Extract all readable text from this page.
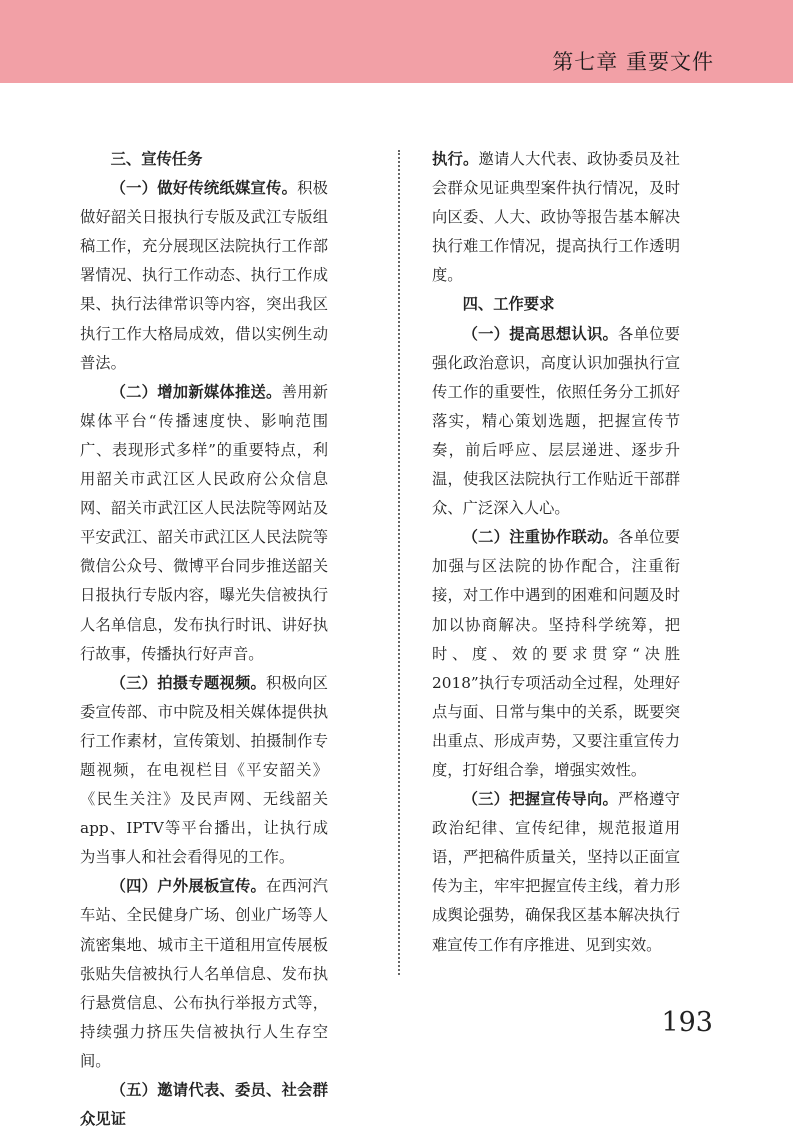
第七章 重要文件

三、宣传任务

（一）做好传统纸媒宣传。积极做好韶关日报执行专版及武江专版组稿工作，充分展现区法院执行工作部署情况、执行工作动态、执行工作成果、执行法律常识等内容，突出我区执行工作大格局成效，借以实例生动普法。

（二）增加新媒体推送。善用新媒体平台“传播速度快、影响范围广、表现形式多样”的重要特点，利用韶关市武江区人民政府公众信息网、韶关市武江区人民法院等网站及平安武江、韶关市武江区人民法院等微信公众号、微博平台同步推送韶关日报执行专版内容，曝光失信被执行人名单信息，发布执行时讯、讲好执行故事，传播执行好声音。

（三）拍摄专题视频。积极向区委宣传部、市中院及相关媒体提供执行工作素材，宣传策划、拍摄制作专题视频，在电视栏目《平安韶关》《民生关注》及民声网、无线韶关app、IPTV等平台播出，让执行成为当事人和社会看得见的工作。

（四）户外展板宣传。在西河汽车站、全民健身广场、创业广场等人流密集地、城市主干道租用宣传展板张贴失信被执行人名单信息、发布执行悬赏信息、公布执行举报方式等，持续强力挤压失信被执行人生存空间。

（五）邀请代表、委员、社会群众见证

执行。邀请人大代表、政协委员及社会群众见证典型案件执行情况，及时向区委、人大、政协等报告基本解决执行难工作情况，提高执行工作透明度。

四、工作要求

（一）提高思想认识。各单位要强化政治意识，高度认识加强执行宣传工作的重要性，依照任务分工抓好落实，精心策划选题，把握宣传节奏，前后呼应、层层递进、逐步升温，使我区法院执行工作贴近干部群众、广泛深入人心。

（二）注重协作联动。各单位要加强与区法院的协作配合，注重衔接，对工作中遇到的困难和问题及时加以协商解决。坚持科学统筹，把时、度、效的要求贯穿“决胜2018”执行专项活动全过程，处理好点与面、日常与集中的关系，既要突出重点、形成声势，又要注重宣传力度，打好组合拳，增强实效性。

（三）把握宣传导向。严格遵守政治纪律、宣传纪律，规范报道用语，严把稿件质量关，坚持以正面宣传为主，牢牢把握宣传主线，着力形成舆论强势，确保我区基本解决执行难宣传工作有序推进、见到实效。

193
